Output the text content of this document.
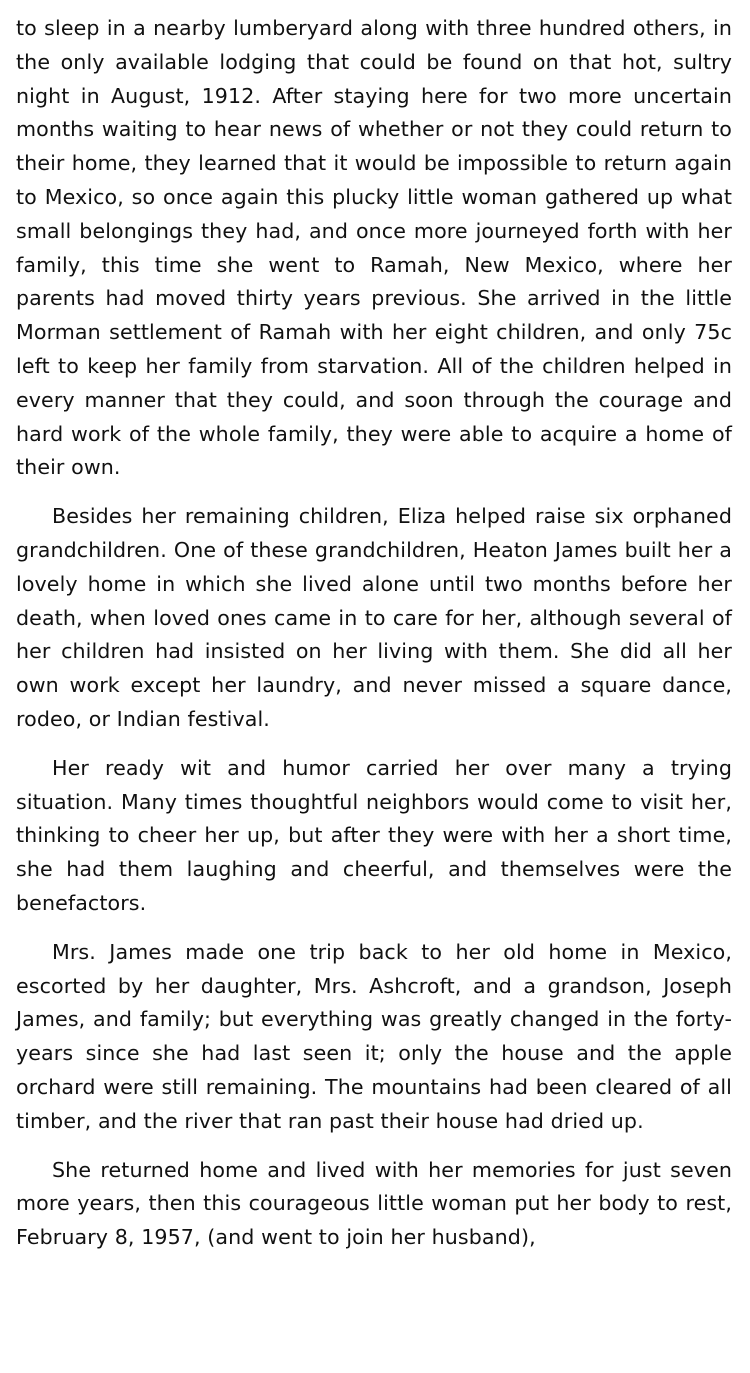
to sleep in a nearby lumberyard along with three hundred others, in the only available lodging that could be found on that hot, sultry night in August, 1912. After staying here for two more uncertain months waiting to hear news of whether or not they could return to their home, they learned that it would be impossible to return again to Mexico, so once again this plucky little woman gathered up what small belongings they had, and once more journeyed forth with her family, this time she went to Ramah, New Mexico, where her parents had moved thirty years previous. She arrived in the little Morman settlement of Ramah with her eight children, and only 75c left to keep her family from starvation. All of the children helped in every manner that they could, and soon through the courage and hard work of the whole family, they were able to acquire a home of their own.

Besides her remaining children, Eliza helped raise six orphaned grandchildren. One of these grandchildren, Heaton James built her a lovely home in which she lived alone until two months before her death, when loved ones came in to care for her, although several of her children had insisted on her living with them. She did all her own work except her laundry, and never missed a square dance, rodeo, or Indian festival.

Her ready wit and humor carried her over many a trying situation. Many times thoughtful neighbors would come to visit her, thinking to cheer her up, but after they were with her a short time, she had them laughing and cheerful, and themselves were the benefactors.

Mrs. James made one trip back to her old home in Mexico, escorted by her daughter, Mrs. Ashcroft, and a grandson, Joseph James, and family; but everything was greatly changed in the forty-years since she had last seen it; only the house and the apple orchard were still remaining. The mountains had been cleared of all timber, and the river that ran past their house had dried up.

She returned home and lived with her memories for just seven more years, then this courageous little woman put her body to rest, February 8, 1957, (and went to join her husband),
